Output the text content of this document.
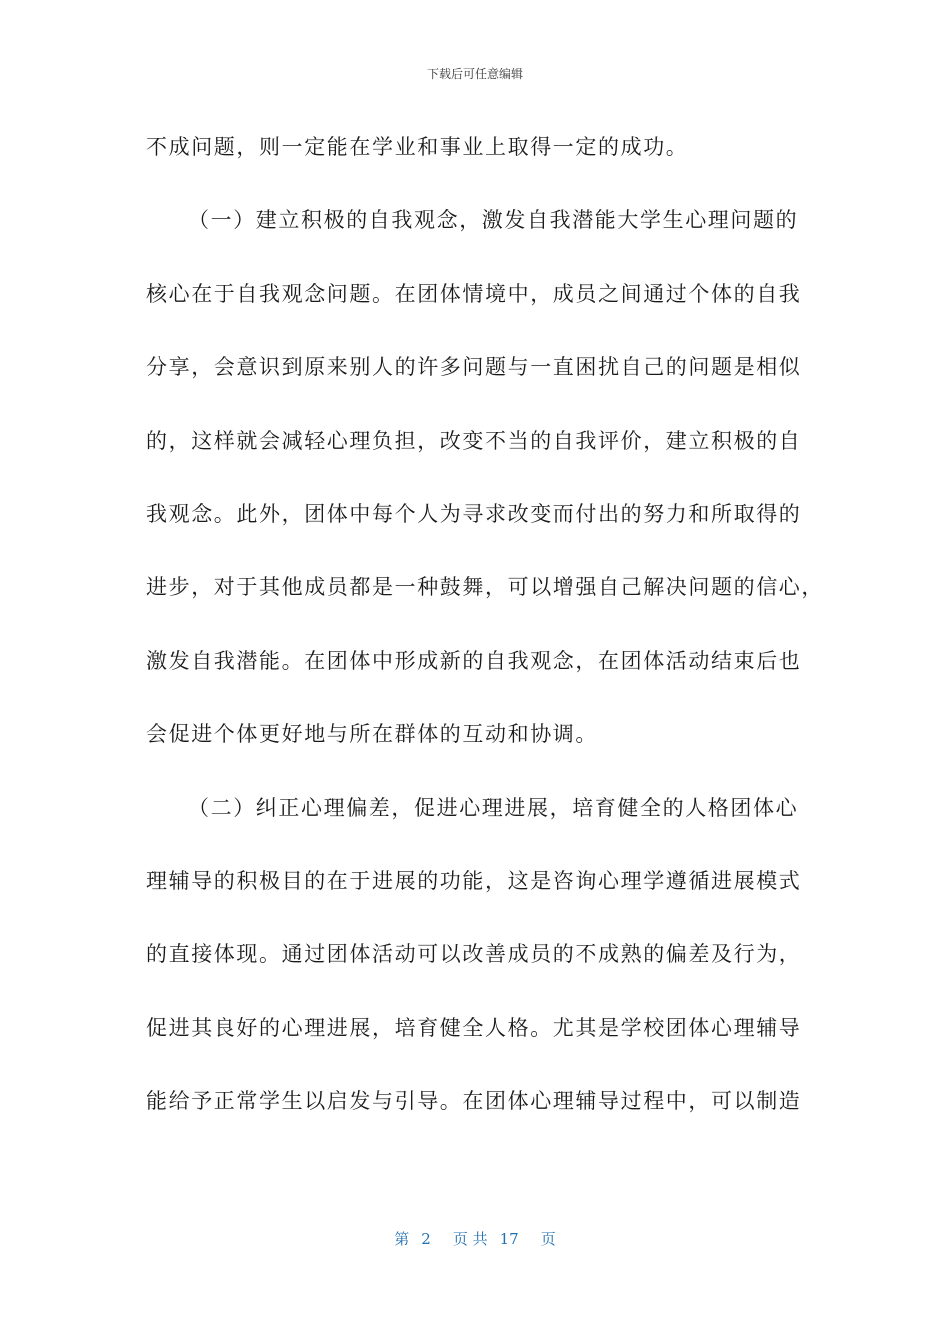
下载后可任意编辑
不成问题，则一定能在学业和事业上取得一定的成功。
（一）建立积极的自我观念，激发自我潜能大学生心理问题的
核心在于自我观念问题。在团体情境中，成员之间通过个体的自我
分享，会意识到原来别人的许多问题与一直困扰自己的问题是相似
的，这样就会减轻心理负担，改变不当的自我评价，建立积极的自
我观念。此外，团体中每个人为寻求改变而付出的努力和所取得的
进步，对于其他成员都是一种鼓舞，可以增强自己解决问题的信心，
激发自我潜能。在团体中形成新的自我观念，在团体活动结束后也
会促进个体更好地与所在群体的互动和协调。
（二）纠正心理偏差，促进心理进展，培育健全的人格团体心
理辅导的积极目的在于进展的功能，这是咨询心理学遵循进展模式
的直接体现。通过团体活动可以改善成员的不成熟的偏差及行为，
促进其良好的心理进展，培育健全人格。尤其是学校团体心理辅导
能给予正常学生以启发与引导。在团体心理辅导过程中，可以制造
第 2 页 共 17 页
